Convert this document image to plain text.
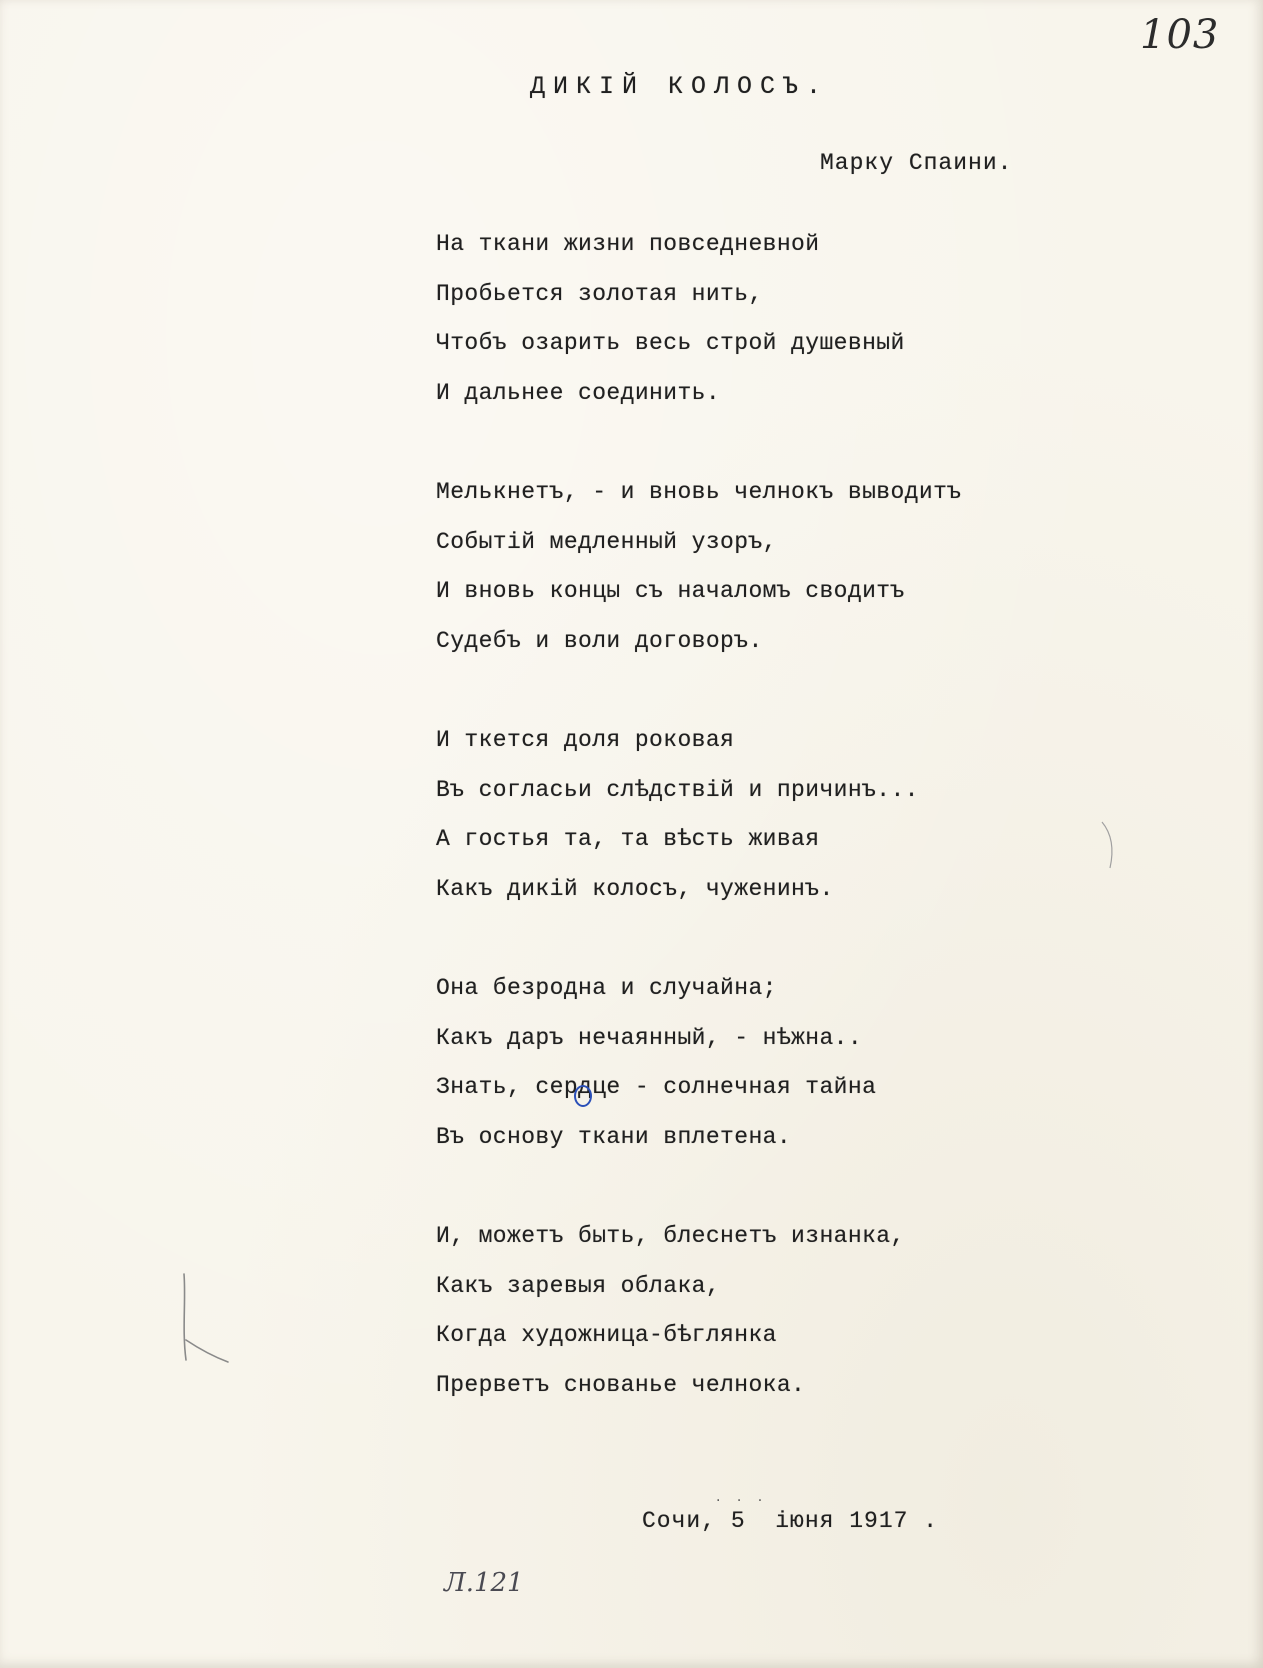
103
ДИКІЙ КОЛОСЪ.
Марку Спаини.
На ткани жизни повседневной
Пробьется золотая нить,
Чтобъ озарить весь строй душевный
И дальнее соединить.
Мелькнетъ, - и вновь челнокъ выводитъ
Событій медленный узоръ,
И вновь концы съ началомъ сводитъ
Судебъ и воли договоръ.
И ткется доля роковая
Въ согласьи слѣдствій и причинъ...
А гостья та, та вѣсть живая
Какъ дикій колосъ, чуженинъ.
Она безродна и случайна;
Какъ даръ нечаянный, - нѣжна..
Знать, сердце - солнечная тайна
Въ основу ткани вплетена.
И, можетъ быть, блеснетъ изнанка,
Какъ заревыя облака,
Когда художница-бѣглянка
Прерветъ снованье челнока.
· · ·
Сочи, 5  іюня 1917 .
Л.121
